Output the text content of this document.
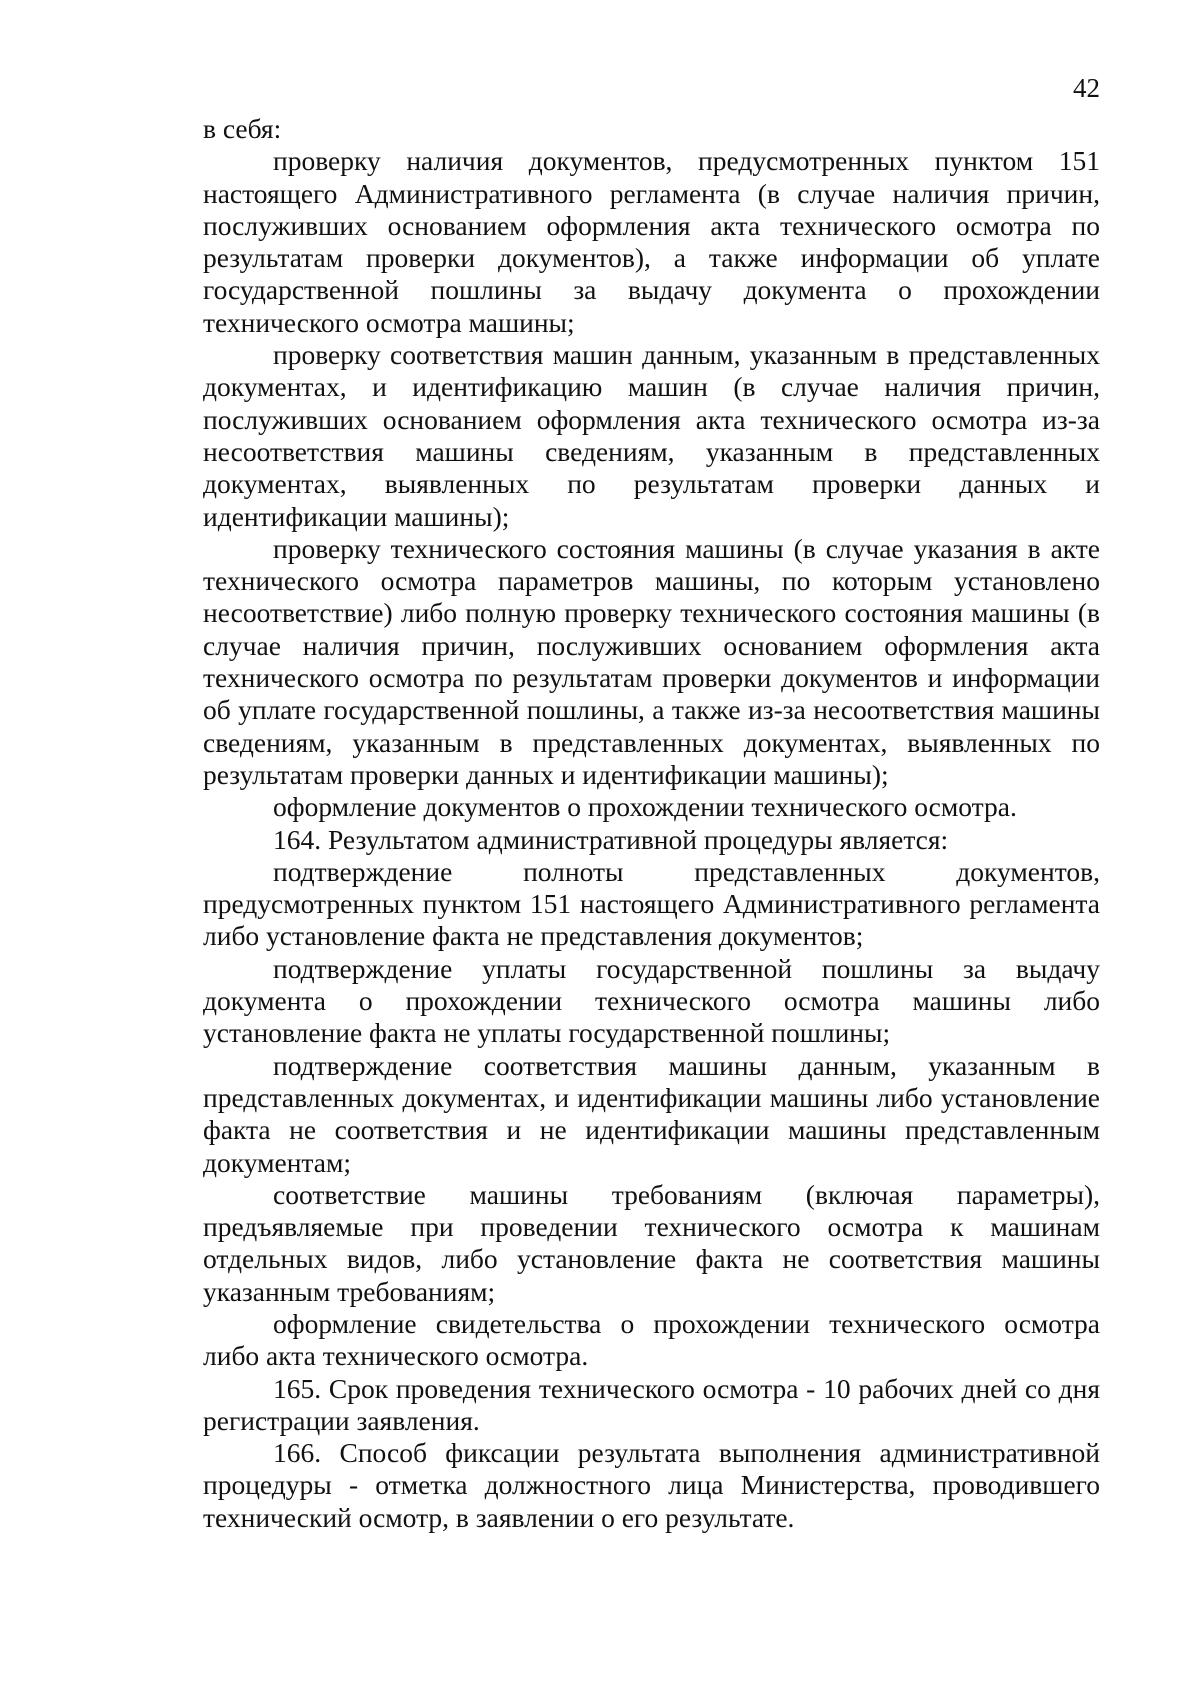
42

в себя:

проверку наличия документов, предусмотренных пунктом 151 настоящего Административного регламента (в случае наличия причин, послуживших основанием оформления акта технического осмотра по результатам проверки документов), а также информации об уплате государственной пошлины за выдачу документа о прохождении технического осмотра машины;

проверку соответствия машин данным, указанным в представленных документах, и идентификацию машин (в случае наличия причин, послуживших основанием оформления акта технического осмотра из-за несоответствия машины сведениям, указанным в представленных документах, выявленных по результатам проверки данных и идентификации машины);

проверку технического состояния машины (в случае указания в акте технического осмотра параметров машины, по которым установлено несоответствие) либо полную проверку технического состояния машины (в случае наличия причин, послуживших основанием оформления акта технического осмотра по результатам проверки документов и информации об уплате государственной пошлины, а также из-за несоответствия машины сведениям, указанным в представленных документах, выявленных по результатам проверки данных и идентификации машины);

оформление документов о прохождении технического осмотра.

164. Результатом административной процедуры является:

подтверждение полноты представленных документов, предусмотренных пунктом 151 настоящего Административного регламента либо установление факта не представления документов;

подтверждение уплаты государственной пошлины за выдачу документа о прохождении технического осмотра машины либо установление факта не уплаты государственной пошлины;

подтверждение соответствия машины данным, указанным в представленных документах, и идентификации машины либо установление факта не соответствия и не идентификации машины представленным документам;

соответствие машины требованиям (включая параметры), предъявляемые при проведении технического осмотра к машинам отдельных видов, либо установление факта не соответствия машины указанным требованиям;

оформление свидетельства о прохождении технического осмотра либо акта технического осмотра.

165. Срок проведения технического осмотра - 10 рабочих дней со дня регистрации заявления.

166. Способ фиксации результата выполнения административной процедуры - отметка должностного лица Министерства, проводившего технический осмотр, в заявлении о его результате.
